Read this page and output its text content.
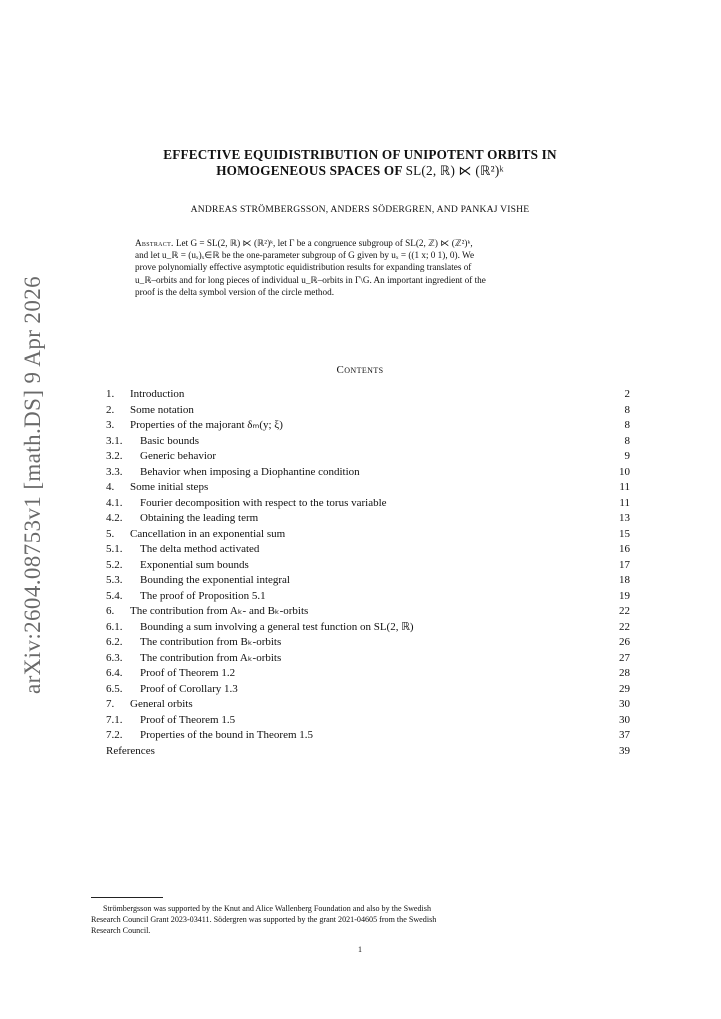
arXiv:2604.08753v1 [math.DS] 9 Apr 2026
EFFECTIVE EQUIDISTRIBUTION OF UNIPOTENT ORBITS IN
HOMOGENEOUS SPACES OF SL(2, ℝ) ⋉ (ℝ²)ᵏ
ANDREAS STRÖMBERGSSON, ANDERS SÖDERGREN, AND PANKAJ VISHE
Abstract. Let G = SL(2, ℝ) ⋉ (ℝ²)ᵏ, let Γ be a congruence subgroup of SL(2, ℤ) ⋉ (ℤ²)ᵏ,
and let u_ℝ = (uₓ)ₓ∈ℝ be the one-parameter subgroup of G given by uₓ = ((1 x; 0 1), 0). We
prove polynomially effective asymptotic equidistribution results for expanding translates of
u_ℝ–orbits and for long pieces of individual u_ℝ–orbits in Γ\G. An important ingredient of the
proof is the delta symbol version of the circle method.
Contents
1.	Introduction	2
2.	Some notation	8
3.	Properties of the majorant δₘ(y; ξ)	8
3.1.	Basic bounds	8
3.2.	Generic behavior	9
3.3.	Behavior when imposing a Diophantine condition	10
4.	Some initial steps	11
4.1.	Fourier decomposition with respect to the torus variable	11
4.2.	Obtaining the leading term	13
5.	Cancellation in an exponential sum	15
5.1.	The delta method activated	16
5.2.	Exponential sum bounds	17
5.3.	Bounding the exponential integral	18
5.4.	The proof of Proposition 5.1	19
6.	The contribution from Aₖ- and Bₖ-orbits	22
6.1.	Bounding a sum involving a general test function on SL(2, ℝ)	22
6.2.	The contribution from Bₖ-orbits	26
6.3.	The contribution from Aₖ-orbits	27
6.4.	Proof of Theorem 1.2	28
6.5.	Proof of Corollary 1.3	29
7.	General orbits	30
7.1.	Proof of Theorem 1.5	30
7.2.	Properties of the bound in Theorem 1.5	37
References	39
Strömbergsson was supported by the Knut and Alice Wallenberg Foundation and also by the Swedish
Research Council Grant 2023-03411. Södergren was supported by the grant 2021-04605 from the Swedish
Research Council.
1
